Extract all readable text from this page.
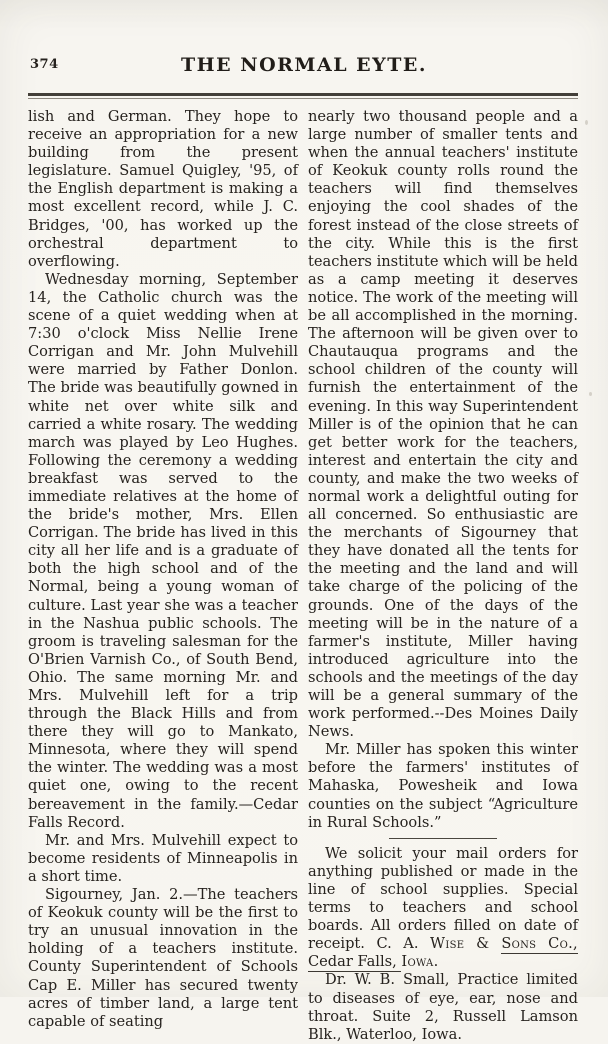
374	THE NORMAL EYTE.

lish and German. They hope to receive an appropriation for a new building from the present legislature. Samuel Quigley, '95, of the English department is making a most excellent record, while J. C. Bridges, '00, has worked up the orchestral department to overflowing.

Wednesday morning, September 14, the Catholic church was the scene of a quiet wedding when at 7:30 o'clock Miss Nellie Irene Corrigan and Mr. John Mulvehill were married by Father Donlon. The bride was beautifully gowned in white net over white silk and carried a white rosary. The wedding march was played by Leo Hughes. Following the ceremony a wedding breakfast was served to the immediate relatives at the home of the bride's mother, Mrs. Ellen Corrigan. The bride has lived in this city all her life and is a graduate of both the high school and of the Normal, being a young woman of culture. Last year she was a teacher in the Nashua public schools. The groom is traveling salesman for the O'Brien Varnish Co., of South Bend, Ohio. The same morning Mr. and Mrs. Mulvehill left for a trip through the Black Hills and from there they will go to Mankato, Minnesota, where they will spend the winter. The wedding was a most quiet one, owing to the recent bereavement in the family.—Cedar Falls Record.

Mr. and Mrs. Mulvehill expect to become residents of Minneapolis in a short time.

Sigourney, Jan. 2.—The teachers of Keokuk county will be the first to try an unusual innovation in the holding of a teachers institute. County Superintendent of Schools Cap E. Miller has secured twenty acres of timber land, a large tent capable of seating

nearly two thousand people and a large number of smaller tents and when the annual teachers' institute of Keokuk county rolls round the teachers will find themselves enjoying the cool shades of the forest instead of the close streets of the city. While this is the first teachers institute which will be held as a camp meeting it deserves notice. The work of the meeting will be all accomplished in the morning. The afternoon will be given over to Chautauqua programs and the school children of the county will furnish the entertainment of the evening. In this way Superintendent Miller is of the opinion that he can get better work for the teachers, interest and entertain the city and county, and make the two weeks of normal work a delightful outing for all concerned. So enthusiastic are the merchants of Sigourney that they have donated all the tents for the meeting and the land and will take charge of the policing of the grounds. One of the days of the meeting will be in the nature of a farmer's institute, Miller having introduced agriculture into the schools and the meetings of the day will be a general summary of the work performed.--Des Moines Daily News.

Mr. Miller has spoken this winter before the farmers' institutes of Mahaska, Powesheik and Iowa counties on the subject “Agriculture in Rural Schools.”

We solicit your mail orders for anything published or made in the line of school supplies. Special terms to teachers and school boards. All orders filled on date of receipt. C. A. Wise & Sons Co., Cedar Falls, Iowa.

Dr. W. B. Small, Practice limited to diseases of eye, ear, nose and throat. Suite 2, Russell Lamson Blk., Waterloo, Iowa.
